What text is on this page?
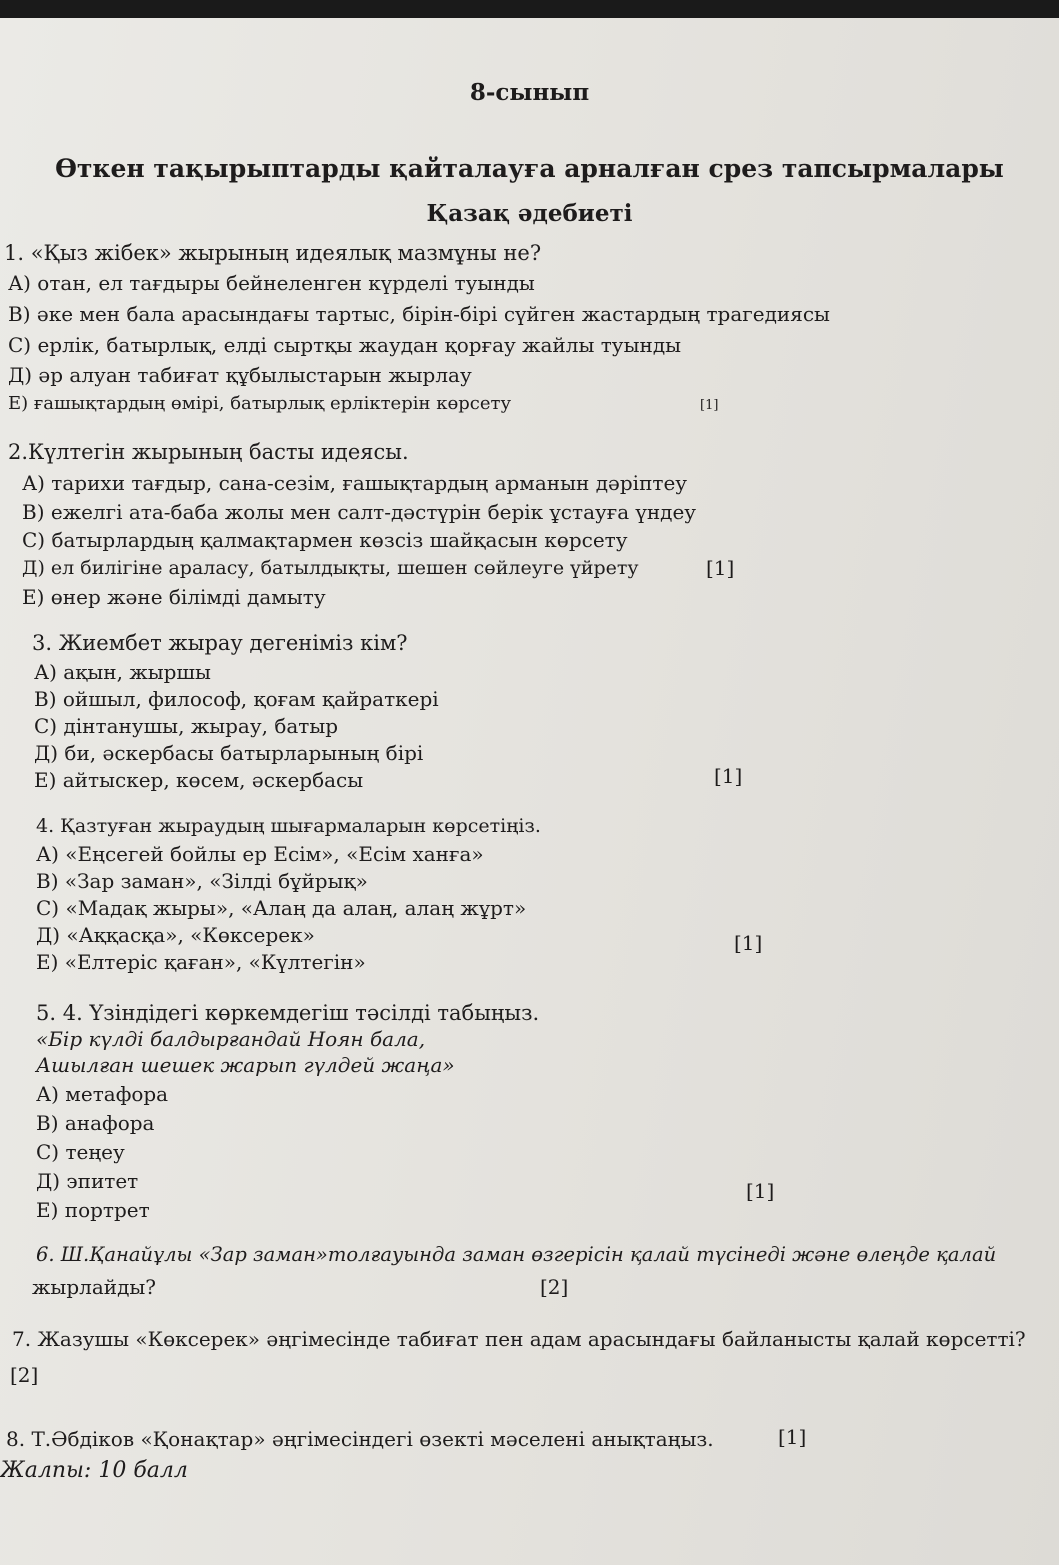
8-сынып
Өткен тақырыптарды қайталауға арналған срез тапсырмалары
Қазақ әдебиеті
1. «Қыз жібек» жырының идеялық мазмұны не?
А) отан, ел тағдыры бейнеленген күрделі туынды
В) әке мен бала арасындағы тартыс, бірін-бірі сүйген жастардың трагедиясы
С) ерлік, батырлық, елді сыртқы жаудан қорғау жайлы туынды
Д) әр алуан табиғат құбылыстарын жырлау
Е) ғашықтардың өмірі, батырлық ерліктерін көрсету	[1]
2.Күлтегін жырының басты идеясы.
А) тарихи тағдыр, сана-сезім, ғашықтардың арманын дәріптеу
В) ежелгі ата-баба жолы мен салт-дәстүрін берік ұстауға үндеу
С) батырлардың қалмақтармен көзсіз шайқасын көрсету
Д) ел билігіне араласу, батылдықты, шешен сөйлеуге үйрету	[1]
Е) өнер және білімді дамыту
3. Жиембет жырау дегеніміз кім?
А) ақын, жыршы
В) ойшыл, философ, қоғам қайраткері
С) дінтанушы, жырау, батыр
Д) би, әскербасы батырларының бірі
Е) айтыскер, көсем, әскербасы	[1]
4. Қазтуған жыраудың шығармаларын көрсетіңіз.
А) «Еңсегей бойлы ер Есім», «Есім ханға»
В) «Зар заман», «Зілді бұйрық»
С) «Мадақ жыры», «Алаң да алаң, алаң жұрт»
Д) «Аққасқа», «Көксерек»
Е) «Елтеріс қаған», «Күлтегін»
[1]
5. 4. Үзіндідегі көркемдегіш тәсілді табыңыз.
«Бір күлді балдырғандай Ноян бала,
Ашылған шешек жарып гүлдей жаңа»
А) метафора
В) анафора
С) теңеу
Д) эпитет
Е) портрет
[1]
6. Ш.Қанайұлы «Зар заман»толғауында заман өзгерісін қалай түсінеді және өлеңде қалай
жырлайды?	[2]
7. Жазушы «Көксерек» әңгімесінде табиғат пен адам арасындағы байланысты қалай көрсетті?
[2]
8. Т.Әбдіков «Қонақтар» әңгімесіндегі өзекті мәселені анықтаңыз.	[1]
Жалпы: 10 балл
